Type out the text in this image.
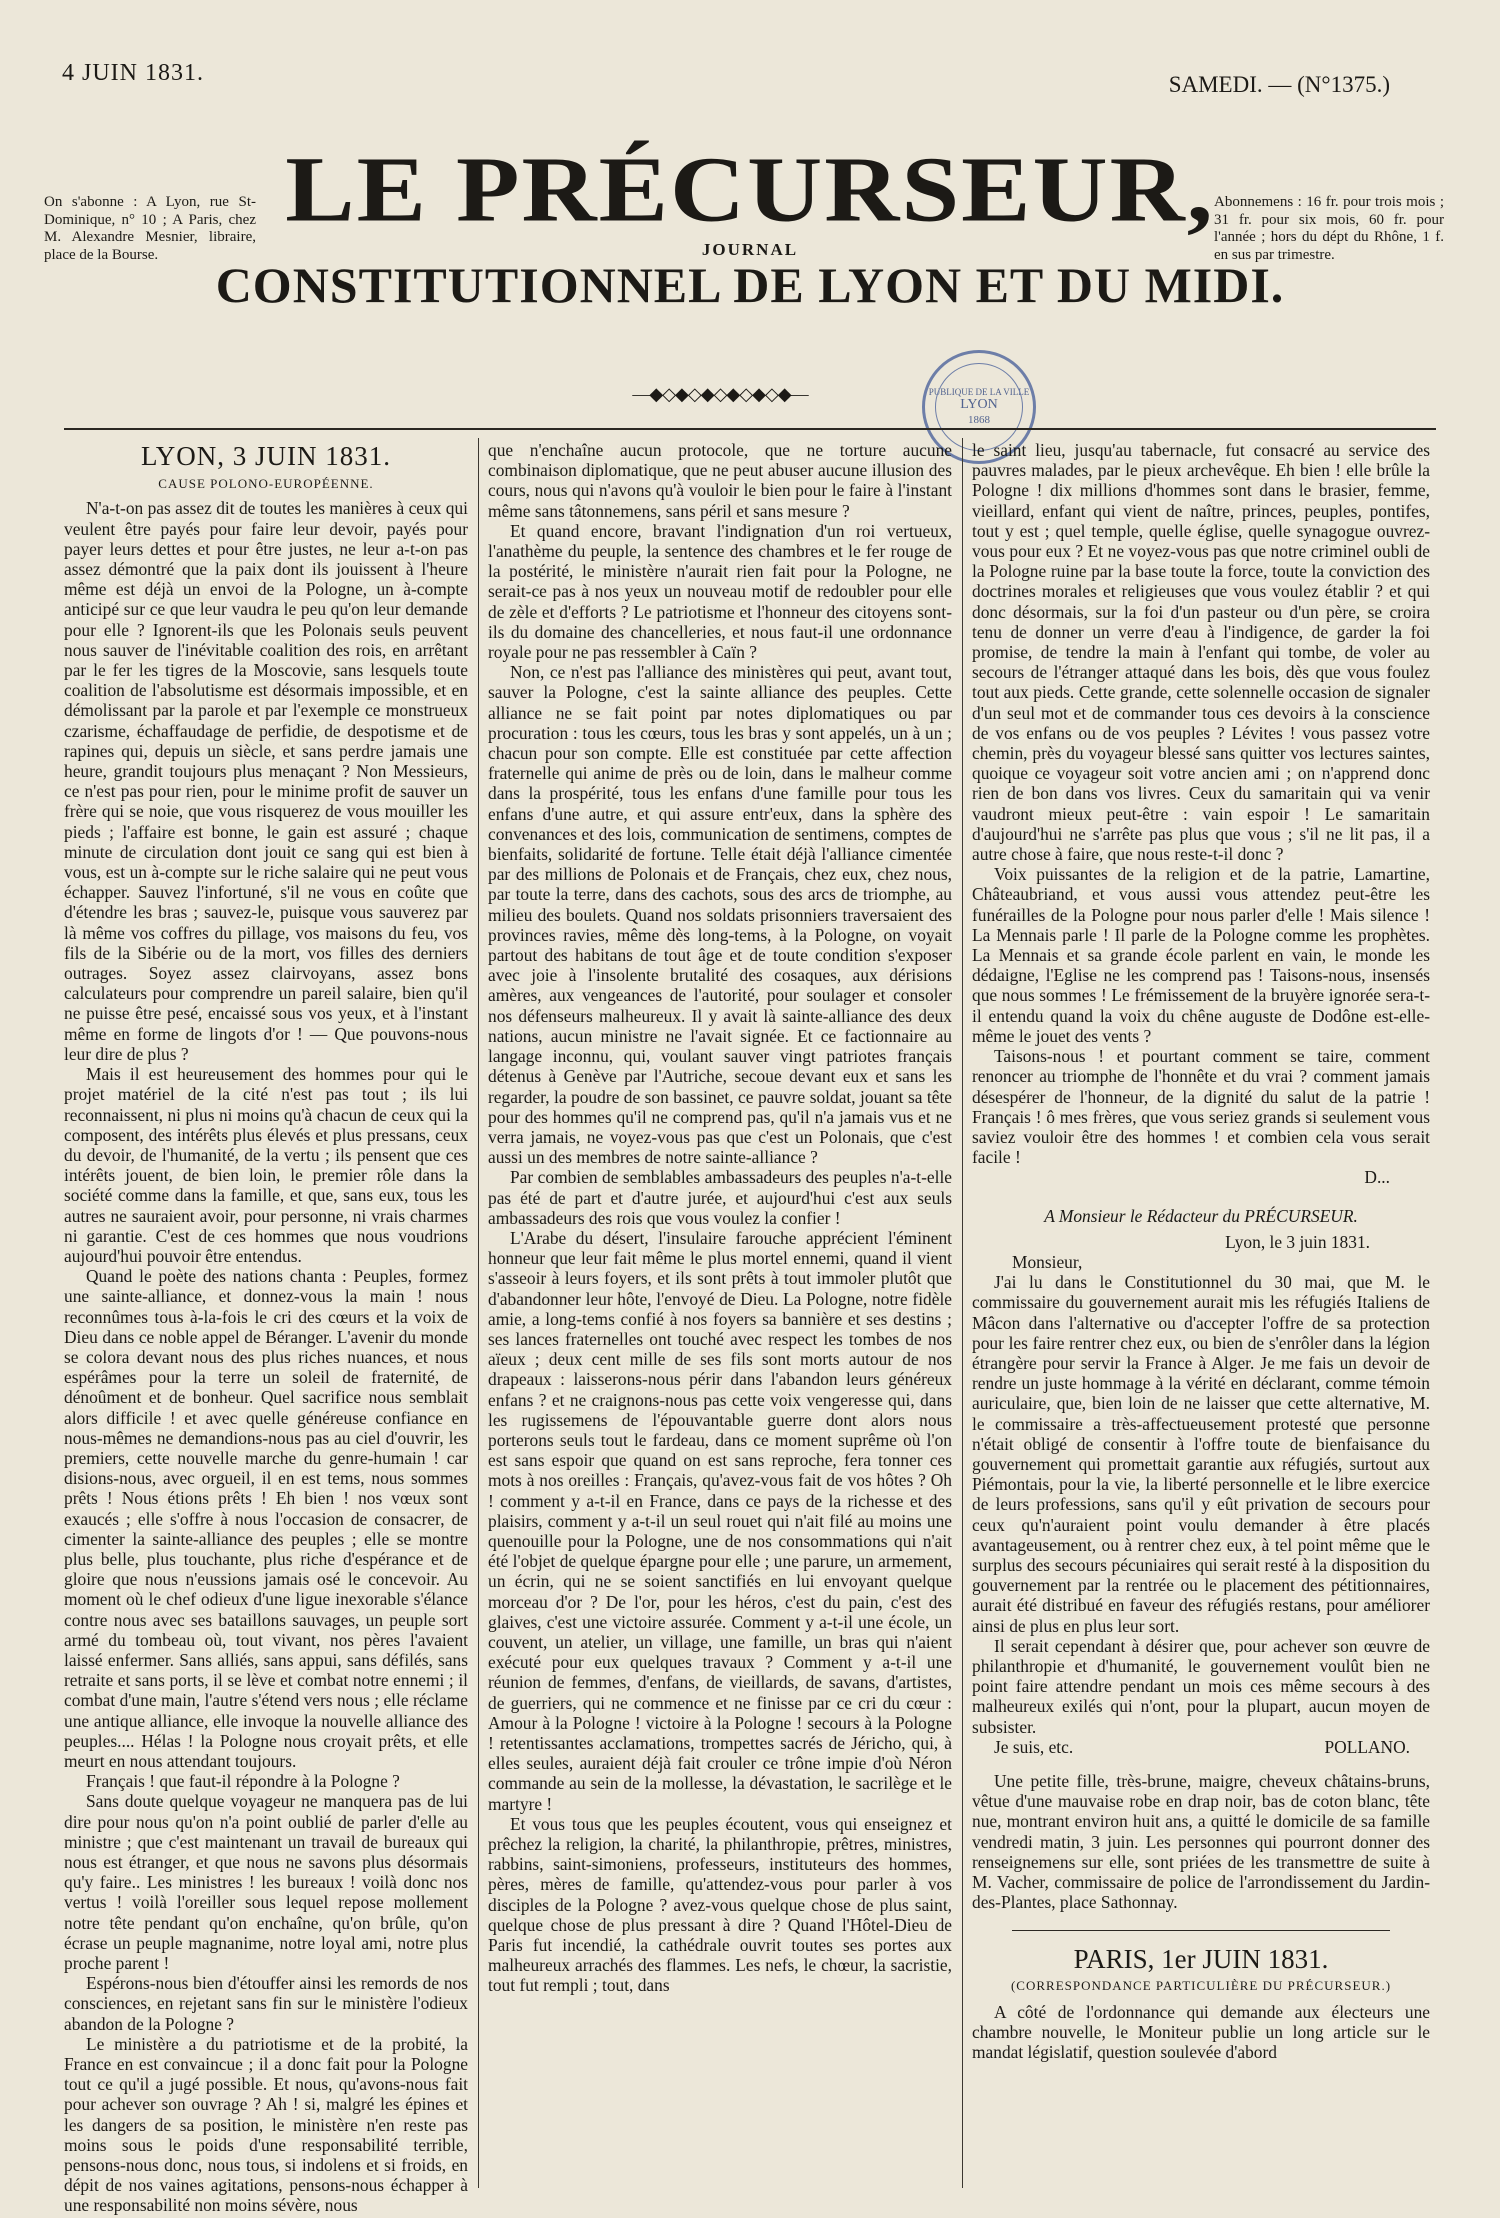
4 JUIN 1831.	SAMEDI. — (N°1375.)
On s'abonne : A Lyon, rue St-Dominique, n° 10 ; A Paris, chez M. Alexandre Mesnier, libraire, place de la Bourse.
Abonnemens : 16 fr. pour trois mois ; 31 fr. pour six mois, 60 fr. pour l'année ; hors du dépt du Rhône, 1 f. en sus par trimestre.
LE PRÉCURSEUR,
JOURNAL
CONSTITUTIONNEL DE LYON ET DU MIDI.
—◆◇◆◇◆◇◆◇◆◇◆—	PUBLIQUE DE LA VILLE
LYON
1868
LYON, 3 JUIN 1831.
CAUSE POLONO-EUROPÉENNE.

N'a-t-on pas assez dit de toutes les manières à ceux qui veulent être payés pour faire leur devoir, payés pour payer leurs dettes et pour être justes, ne leur a-t-on pas assez démontré que la paix dont ils jouissent à l'heure même est déjà un envoi de la Pologne, un à-compte anticipé sur ce que leur vaudra le peu qu'on leur demande pour elle ? Ignorent-ils que les Polonais seuls peuvent nous sauver de l'inévitable coalition des rois, en arrêtant par le fer les tigres de la Moscovie, sans lesquels toute coalition de l'absolutisme est désormais impossible, et en démolissant par la parole et par l'exemple ce monstrueux czarisme, échaffaudage de perfidie, de despotisme et de rapines qui, depuis un siècle, et sans perdre jamais une heure, grandit toujours plus menaçant ? Non Messieurs, ce n'est pas pour rien, pour le minime profit de sauver un frère qui se noie, que vous risquerez de vous mouiller les pieds ; l'affaire est bonne, le gain est assuré ; chaque minute de circulation dont jouit ce sang qui est bien à vous, est un à-compte sur le riche salaire qui ne peut vous échapper. Sauvez l'infortuné, s'il ne vous en coûte que d'étendre les bras ; sauvez-le, puisque vous sauverez par là même vos coffres du pillage, vos maisons du feu, vos fils de la Sibérie ou de la mort, vos filles des derniers outrages. Soyez assez clairvoyans, assez bons calculateurs pour comprendre un pareil salaire, bien qu'il ne puisse être pesé, encaissé sous vos yeux, et à l'instant même en forme de lingots d'or ! — Que pouvons-nous leur dire de plus ?

Mais il est heureusement des hommes pour qui le projet matériel de la cité n'est pas tout ; ils lui reconnaissent, ni plus ni moins qu'à chacun de ceux qui la composent, des intérêts plus élevés et plus pressans, ceux du devoir, de l'humanité, de la vertu ; ils pensent que ces intérêts jouent, de bien loin, le premier rôle dans la société comme dans la famille, et que, sans eux, tous les autres ne sauraient avoir, pour personne, ni vrais charmes ni garantie. C'est de ces hommes que nous voudrions aujourd'hui pouvoir être entendus.

Quand le poète des nations chanta : Peuples, formez une sainte-alliance, et donnez-vous la main ! nous reconnûmes tous à-la-fois le cri des cœurs et la voix de Dieu dans ce noble appel de Béranger. L'avenir du monde se colora devant nous des plus riches nuances, et nous espérâmes pour la terre un soleil de fraternité, de dénoûment et de bonheur. Quel sacrifice nous semblait alors difficile ! et avec quelle généreuse confiance en nous-mêmes ne demandions-nous pas au ciel d'ouvrir, les premiers, cette nouvelle marche du genre-humain ! car disions-nous, avec orgueil, il en est tems, nous sommes prêts ! Nous étions prêts ! Eh bien ! nos vœux sont exaucés ; elle s'offre à nous l'occasion de consacrer, de cimenter la sainte-alliance des peuples ; elle se montre plus belle, plus touchante, plus riche d'espérance et de gloire que nous n'eussions jamais osé le concevoir. Au moment où le chef odieux d'une ligue inexorable s'élance contre nous avec ses bataillons sauvages, un peuple sort armé du tombeau où, tout vivant, nos pères l'avaient laissé enfermer. Sans alliés, sans appui, sans défilés, sans retraite et sans ports, il se lève et combat notre ennemi ; il combat d'une main, l'autre s'étend vers nous ; elle réclame une antique alliance, elle invoque la nouvelle alliance des peuples.... Hélas ! la Pologne nous croyait prêts, et elle meurt en nous attendant toujours.

Français ! que faut-il répondre à la Pologne ?

Sans doute quelque voyageur ne manquera pas de lui dire pour nous qu'on n'a point oublié de parler d'elle au ministre ; que c'est maintenant un travail de bureaux qui nous est étranger, et que nous ne savons plus désormais qu'y faire.. Les ministres ! les bureaux ! voilà donc nos vertus ! voilà l'oreiller sous lequel repose mollement notre tête pendant qu'on enchaîne, qu'on brûle, qu'on écrase un peuple magnanime, notre loyal ami, notre plus proche parent !

Espérons-nous bien d'étouffer ainsi les remords de nos consciences, en rejetant sans fin sur le ministère l'odieux abandon de la Pologne ?

Le ministère a du patriotisme et de la probité, la France en est convaincue ; il a donc fait pour la Pologne tout ce qu'il a jugé possible. Et nous, qu'avons-nous fait pour achever son ouvrage ? Ah ! si, malgré les épines et les dangers de sa position, le ministère n'en reste pas moins sous le poids d'une responsabilité terrible, pensons-nous donc, nous tous, si indolens et si froids, en dépit de nos vaines agitations, pensons-nous échapper à une responsabilité non moins sévère, nous

que n'enchaîne aucun protocole, que ne torture aucune combinaison diplomatique, que ne peut abuser aucune illusion des cours, nous qui n'avons qu'à vouloir le bien pour le faire à l'instant même sans tâtonnemens, sans péril et sans mesure ?

Et quand encore, bravant l'indignation d'un roi vertueux, l'anathème du peuple, la sentence des chambres et le fer rouge de la postérité, le ministère n'aurait rien fait pour la Pologne, ne serait-ce pas à nos yeux un nouveau motif de redoubler pour elle de zèle et d'efforts ? Le patriotisme et l'honneur des citoyens sont-ils du domaine des chancelleries, et nous faut-il une ordonnance royale pour ne pas ressembler à Caïn ?

Non, ce n'est pas l'alliance des ministères qui peut, avant tout, sauver la Pologne, c'est la sainte alliance des peuples. Cette alliance ne se fait point par notes diplomatiques ou par procuration : tous les cœurs, tous les bras y sont appelés, un à un ; chacun pour son compte. Elle est constituée par cette affection fraternelle qui anime de près ou de loin, dans le malheur comme dans la prospérité, tous les enfans d'une famille pour tous les enfans d'une autre, et qui assure entr'eux, dans la sphère des convenances et des lois, communication de sentimens, comptes de bienfaits, solidarité de fortune. Telle était déjà l'alliance cimentée par des millions de Polonais et de Français, chez eux, chez nous, par toute la terre, dans des cachots, sous des arcs de triomphe, au milieu des boulets. Quand nos soldats prisonniers traversaient des provinces ravies, même dès long-tems, à la Pologne, on voyait partout des habitans de tout âge et de toute condition s'exposer avec joie à l'insolente brutalité des cosaques, aux dérisions amères, aux vengeances de l'autorité, pour soulager et consoler nos défenseurs malheureux. Il y avait là sainte-alliance des deux nations, aucun ministre ne l'avait signée. Et ce factionnaire au langage inconnu, qui, voulant sauver vingt patriotes français détenus à Genève par l'Autriche, secoue devant eux et sans les regarder, la poudre de son bassinet, ce pauvre soldat, jouant sa tête pour des hommes qu'il ne comprend pas, qu'il n'a jamais vus et ne verra jamais, ne voyez-vous pas que c'est un Polonais, que c'est aussi un des membres de notre sainte-alliance ?

Par combien de semblables ambassadeurs des peuples n'a-t-elle pas été de part et d'autre jurée, et aujourd'hui c'est aux seuls ambassadeurs des rois que vous voulez la confier !

L'Arabe du désert, l'insulaire farouche apprécient l'éminent honneur que leur fait même le plus mortel ennemi, quand il vient s'asseoir à leurs foyers, et ils sont prêts à tout immoler plutôt que d'abandonner leur hôte, l'envoyé de Dieu. La Pologne, notre fidèle amie, a long-tems confié à nos foyers sa bannière et ses destins ; ses lances fraternelles ont touché avec respect les tombes de nos aïeux ; deux cent mille de ses fils sont morts autour de nos drapeaux : laisserons-nous périr dans l'abandon leurs généreux enfans ? et ne craignons-nous pas cette voix vengeresse qui, dans les rugissemens de l'épouvantable guerre dont alors nous porterons seuls tout le fardeau, dans ce moment suprême où l'on est sans espoir que quand on est sans reproche, fera tonner ces mots à nos oreilles : Français, qu'avez-vous fait de vos hôtes ? Oh ! comment y a-t-il en France, dans ce pays de la richesse et des plaisirs, comment y a-t-il un seul rouet qui n'ait filé au moins une quenouille pour la Pologne, une de nos consommations qui n'ait été l'objet de quelque épargne pour elle ; une parure, un armement, un écrin, qui ne se soient sanctifiés en lui envoyant quelque morceau d'or ? De l'or, pour les héros, c'est du pain, c'est des glaives, c'est une victoire assurée. Comment y a-t-il une école, un couvent, un atelier, un village, une famille, un bras qui n'aient exécuté pour eux quelques travaux ? Comment y a-t-il une réunion de femmes, d'enfans, de vieillards, de savans, d'artistes, de guerriers, qui ne commence et ne finisse par ce cri du cœur : Amour à la Pologne ! victoire à la Pologne ! secours à la Pologne ! retentissantes acclamations, trompettes sacrés de Jéricho, qui, à elles seules, auraient déjà fait crouler ce trône impie d'où Néron commande au sein de la mollesse, la dévastation, le sacrilège et le martyre !

Et vous tous que les peuples écoutent, vous qui enseignez et prêchez la religion, la charité, la philanthropie, prêtres, ministres, rabbins, saint-simoniens, professeurs, instituteurs des hommes, pères, mères de famille, qu'attendez-vous pour parler à vos disciples de la Pologne ? avez-vous quelque chose de plus saint, quelque chose de plus pressant à dire ? Quand l'Hôtel-Dieu de Paris fut incendié, la cathédrale ouvrit toutes ses portes aux malheureux arrachés des flammes. Les nefs, le chœur, la sacristie, tout fut rempli ; tout, dans

le saint lieu, jusqu'au tabernacle, fut consacré au service des pauvres malades, par le pieux archevêque. Eh bien ! elle brûle la Pologne ! dix millions d'hommes sont dans le brasier, femme, vieillard, enfant qui vient de naître, princes, peuples, pontifes, tout y est ; quel temple, quelle église, quelle synagogue ouvrez-vous pour eux ? Et ne voyez-vous pas que notre criminel oubli de la Pologne ruine par la base toute la force, toute la conviction des doctrines morales et religieuses que vous voulez établir ? et qui donc désormais, sur la foi d'un pasteur ou d'un père, se croira tenu de donner un verre d'eau à l'indigence, de garder la foi promise, de tendre la main à l'enfant qui tombe, de voler au secours de l'étranger attaqué dans les bois, dès que vous foulez tout aux pieds. Cette grande, cette solennelle occasion de signaler d'un seul mot et de commander tous ces devoirs à la conscience de vos enfans ou de vos peuples ? Lévites ! vous passez votre chemin, près du voyageur blessé sans quitter vos lectures saintes, quoique ce voyageur soit votre ancien ami ; on n'apprend donc rien de bon dans vos livres. Ceux du samaritain qui va venir vaudront mieux peut-être : vain espoir ! Le samaritain d'aujourd'hui ne s'arrête pas plus que vous ; s'il ne lit pas, il a autre chose à faire, que nous reste-t-il donc ?

Voix puissantes de la religion et de la patrie, Lamartine, Châteaubriand, et vous aussi vous attendez peut-être les funérailles de la Pologne pour nous parler d'elle ! Mais silence ! La Mennais parle ! Il parle de la Pologne comme les prophètes. La Mennais et sa grande école parlent en vain, le monde les dédaigne, l'Eglise ne les comprend pas ! Taisons-nous, insensés que nous sommes ! Le frémissement de la bruyère ignorée sera-t-il entendu quand la voix du chêne auguste de Dodône est-elle-même le jouet des vents ?

Taisons-nous ! et pourtant comment se taire, comment renoncer au triomphe de l'honnête et du vrai ? comment jamais désespérer de l'honneur, de la dignité du salut de la patrie ! Français ! ô mes frères, que vous seriez grands si seulement vous saviez vouloir être des hommes ! et combien cela vous serait facile !

D...
A Monsieur le Rédacteur du PRÉCURSEUR.
Lyon, le 3 juin 1831.
Monsieur,

J'ai lu dans le Constitutionnel du 30 mai, que M. le commissaire du gouvernement aurait mis les réfugiés Italiens de Mâcon dans l'alternative ou d'accepter l'offre de sa protection pour les faire rentrer chez eux, ou bien de s'enrôler dans la légion étrangère pour servir la France à Alger. Je me fais un devoir de rendre un juste hommage à la vérité en déclarant, comme témoin auriculaire, que, bien loin de ne laisser que cette alternative, M. le commissaire a très-affectueusement protesté que personne n'était obligé de consentir à l'offre toute de bienfaisance du gouvernement qui promettait garantie aux réfugiés, surtout aux Piémontais, pour la vie, la liberté personnelle et le libre exercice de leurs professions, sans qu'il y eût privation de secours pour ceux qu'n'auraient point voulu demander à être placés avantageusement, ou à rentrer chez eux, à tel point même que le surplus des secours pécuniaires qui serait resté à la disposition du gouvernement par la rentrée ou le placement des pétitionnaires, aurait été distribué en faveur des réfugiés restans, pour améliorer ainsi de plus en plus leur sort.

Il serait cependant à désirer que, pour achever son œuvre de philanthropie et d'humanité, le gouvernement voulût bien ne point faire attendre pendant un mois ces même secours à des malheureux exilés qui n'ont, pour la plupart, aucun moyen de subsister.

Je suis, etc.	POLLANO.

Une petite fille, très-brune, maigre, cheveux châtains-bruns, vêtue d'une mauvaise robe en drap noir, bas de coton blanc, tête nue, montrant environ huit ans, a quitté le domicile de sa famille vendredi matin, 3 juin. Les personnes qui pourront donner des renseignemens sur elle, sont priées de les transmettre de suite à M. Vacher, commissaire de police de l'arrondissement du Jardin-des-Plantes, place Sathonnay.

PARIS, 1er JUIN 1831.
(CORRESPONDANCE PARTICULIÈRE DU PRÉCURSEUR.)

A côté de l'ordonnance qui demande aux électeurs une chambre nouvelle, le Moniteur publie un long article sur le mandat législatif, question soulevée d'abord
